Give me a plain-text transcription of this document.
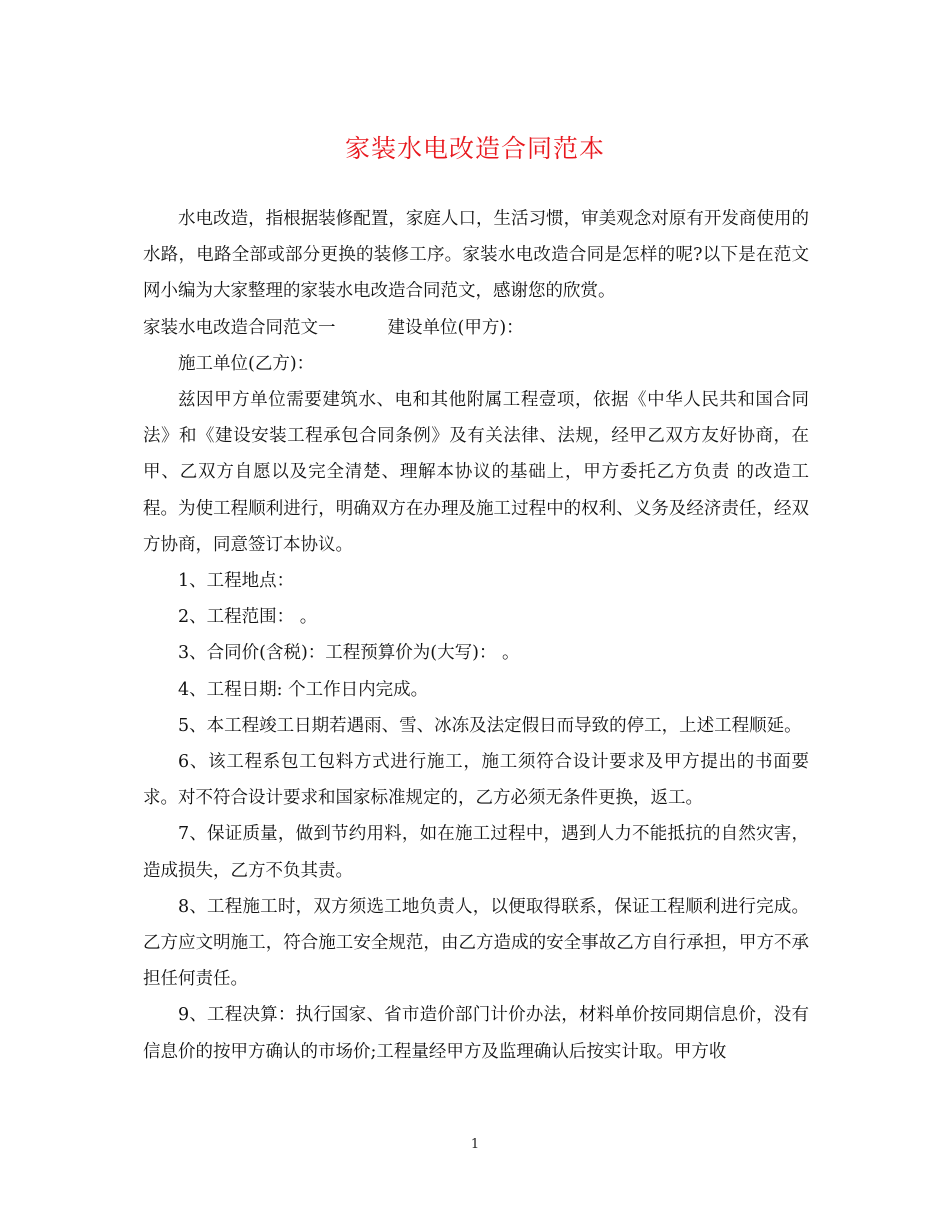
家装水电改造合同范本

水电改造，指根据装修配置，家庭人口，生活习惯，审美观念对原有开发商使用的水路，电路全部或部分更换的装修工序。家装水电改造合同是怎样的呢?以下是在范文网小编为大家整理的家装水电改造合同范文，感谢您的欣赏。

家装水电改造合同范文一	建设单位(甲方)：

施工单位(乙方)：

兹因甲方单位需要建筑水、电和其他附属工程壹项，依据《中华人民共和国合同法》和《建设安装工程承包合同条例》及有关法律、法规，经甲乙双方友好协商，在甲、乙双方自愿以及完全清楚、理解本协议的基础上，甲方委托乙方负责 的改造工程。为使工程顺利进行，明确双方在办理及施工过程中的权利、义务及经济责任，经双方协商，同意签订本协议。

1、工程地点：

2、工程范围： 。

3、合同价(含税)：工程预算价为(大写)： 。

4、工程日期: 个工作日内完成。

5、本工程竣工日期若遇雨、雪、冰冻及法定假日而导致的停工，上述工程顺延。

6、该工程系包工包料方式进行施工，施工须符合设计要求及甲方提出的书面要求。对不符合设计要求和国家标准规定的，乙方必须无条件更换，返工。

7、保证质量，做到节约用料，如在施工过程中，遇到人力不能抵抗的自然灾害，造成损失，乙方不负其责。

8、工程施工时，双方须选工地负责人，以便取得联系，保证工程顺利进行完成。乙方应文明施工，符合施工安全规范，由乙方造成的安全事故乙方自行承担，甲方不承担任何责任。

9、工程决算：执行国家、省市造价部门计价办法，材料单价按同期信息价，没有信息价的按甲方确认的市场价;工程量经甲方及监理确认后按实计取。甲方收

1
